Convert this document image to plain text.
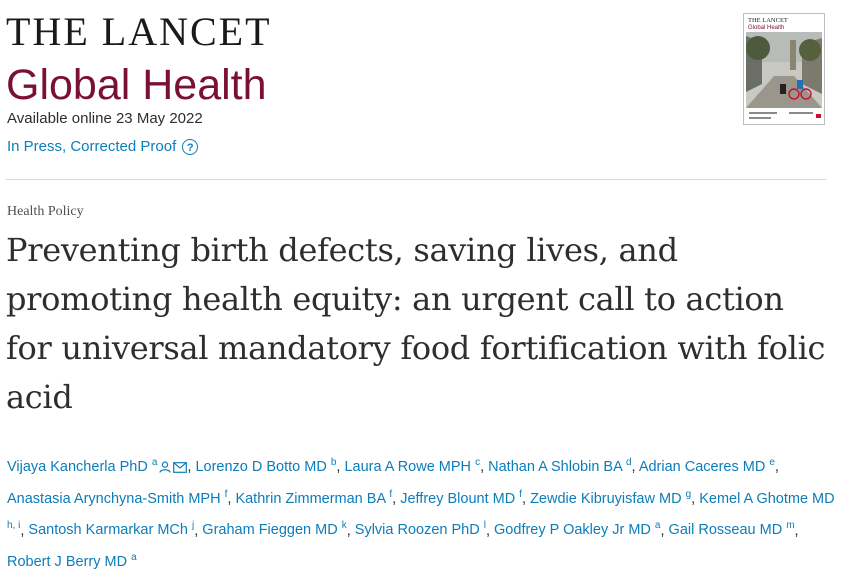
THE LANCET
Global Health
Available online 23 May 2022
In Press, Corrected Proof ?
THE LANCET
Global Health
Health Policy
Preventing birth defects, saving lives, and promoting health equity: an urgent call to action for universal mandatory food fortification with folic acid
Vijaya Kancherla PhD $^a$ , Lorenzo D Botto MD $^b$, Laura A Rowe MPH $^c$, Nathan A Shlobin BA $^d$, Adrian Caceres MD $^e$, Anastasia Arynchyna-Smith MPH $^f$, Kathrin Zimmerman BA $^f$, Jeffrey Blount MD $^f$, Zewdie Kibruyisfaw MD $^g$, Kemel A Ghotme MD $^{h, i}$, Santosh Karmarkar MCh $^j$, Graham Fieggen MD $^k$, Sylvia Roozen PhD $^l$, Godfrey P Oakley Jr MD $^a$, Gail Rosseau MD $^m$, Robert J Berry MD $^a$
